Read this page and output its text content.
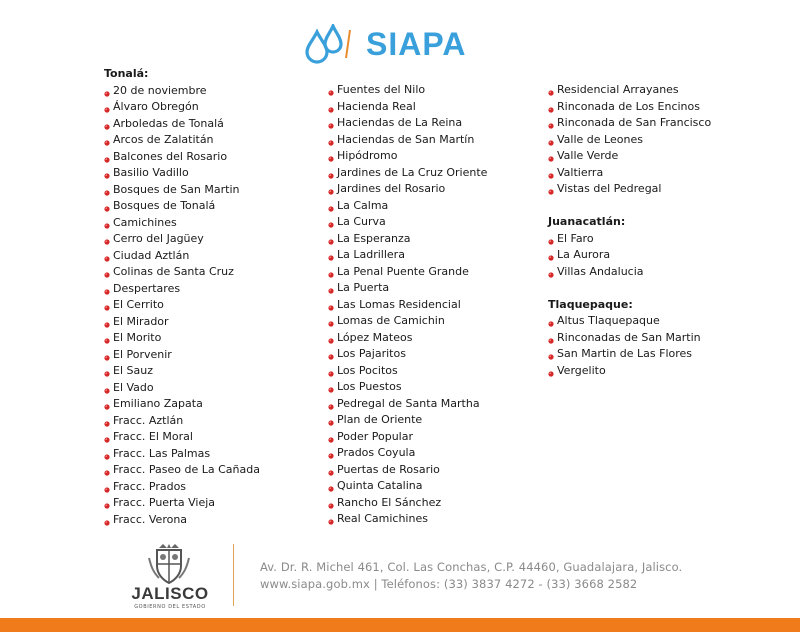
SIAPA
Tonalá:
20 de noviembre
Álvaro Obregón
Arboledas de Tonalá
Arcos de Zalatitán
Balcones del Rosario
Basilio Vadillo
Bosques de San Martin
Bosques de Tonalá
Camichines
Cerro del Jagüey
Ciudad Aztlán
Colinas de Santa Cruz
Despertares
El Cerrito
El Mirador
El Morito
El Porvenir
El Sauz
El Vado
Emiliano Zapata
Fracc. Aztlán
Fracc. El Moral
Fracc. Las Palmas
Fracc. Paseo de La Cañada
Fracc. Prados
Fracc. Puerta Vieja
Fracc. Verona
Fuentes del Nilo
Hacienda Real
Haciendas de La Reina
Haciendas de San Martín
Hipódromo
Jardines de La Cruz Oriente
Jardines del Rosario
La Calma
La Curva
La Esperanza
La Ladrillera
La Penal Puente Grande
La Puerta
Las Lomas Residencial
Lomas de Camichin
López Mateos
Los Pajaritos
Los Pocitos
Los Puestos
Pedregal de Santa Martha
Plan de Oriente
Poder Popular
Prados Coyula
Puertas de Rosario
Quinta Catalina
Rancho El Sánchez
Real Camichines
Residencial Arrayanes
Rinconada de Los Encinos
Rinconada de San Francisco
Valle de Leones
Valle Verde
Valtierra
Vistas del Pedregal
Juanacatlán:
El Faro
La Aurora
Villas Andalucia
Tlaquepaque:
Altus Tlaquepaque
Rinconadas de San Martin
San Martin de Las Flores
Vergelito
JALISCO
GOBIERNO DEL ESTADO
Av. Dr. R. Michel 461, Col. Las Conchas, C.P. 44460, Guadalajara, Jalisco.
www.siapa.gob.mx | Teléfonos: (33) 3837 4272 - (33) 3668 2582
